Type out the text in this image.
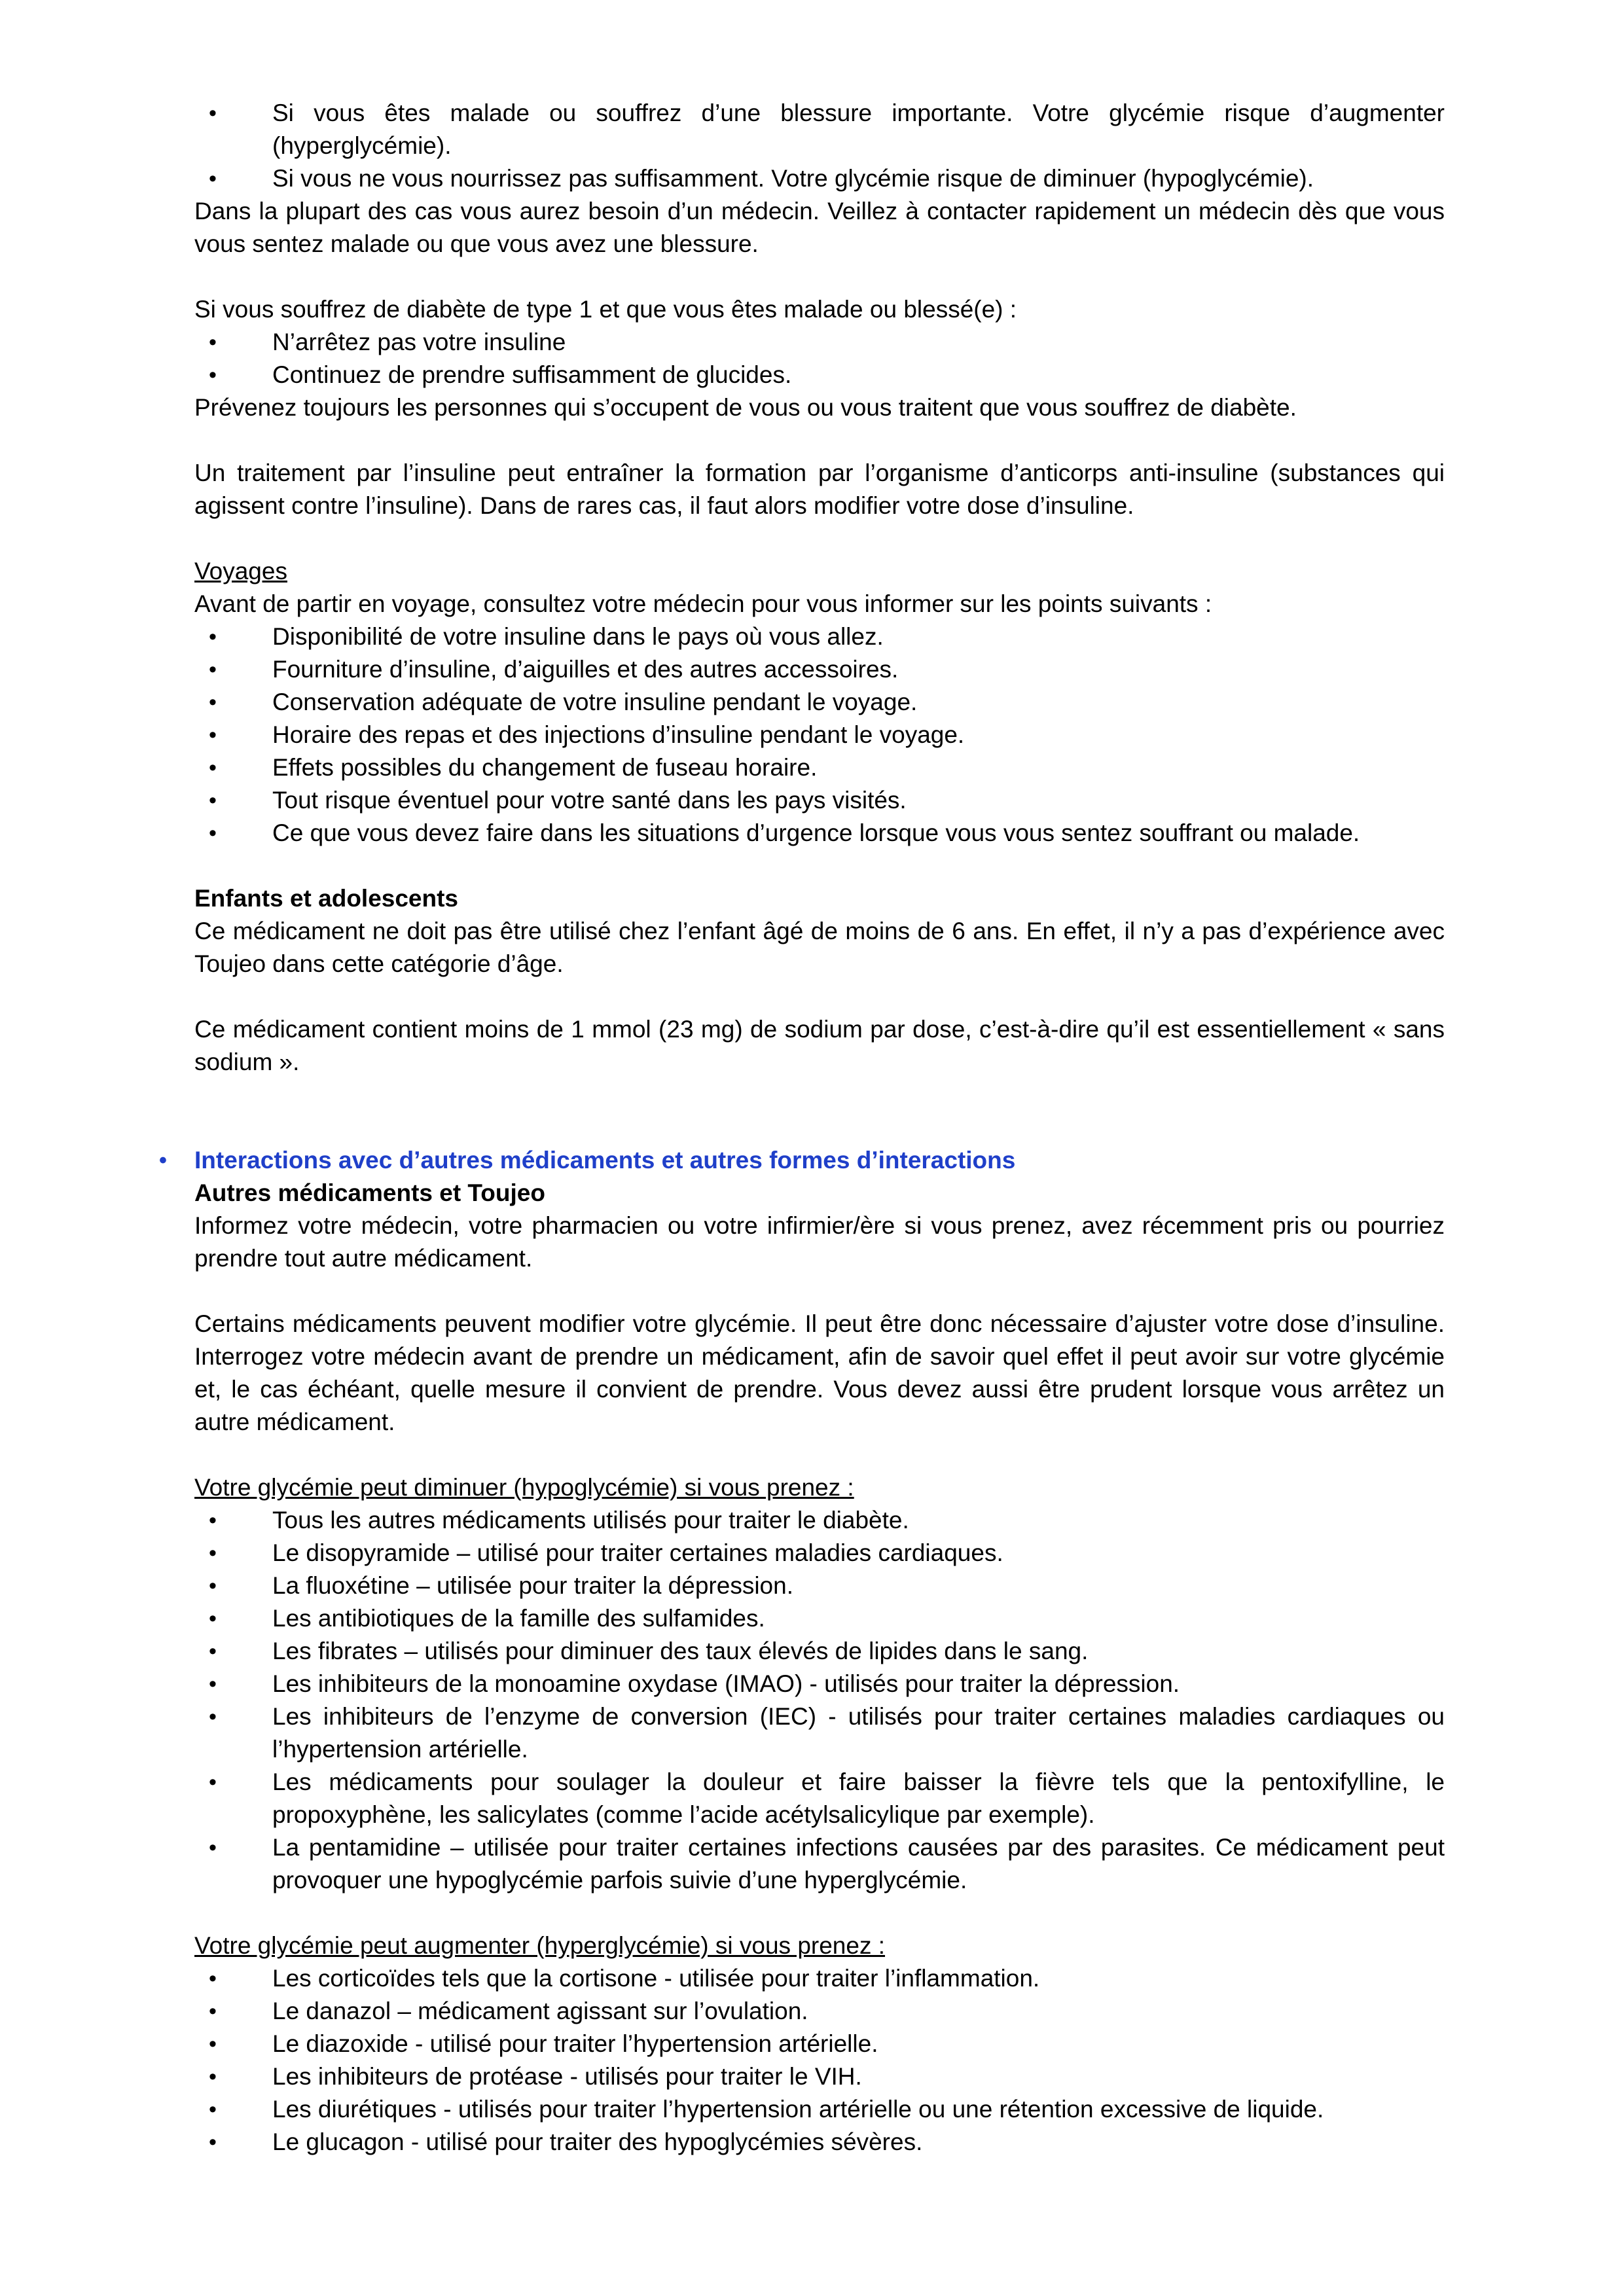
• Si vous êtes malade ou souffrez d’une blessure importante. Votre glycémie risque d’augmenter (hyperglycémie).
• Si vous ne vous nourrissez pas suffisamment. Votre glycémie risque de diminuer (hypoglycémie).

Dans la plupart des cas vous aurez besoin d’un médecin. Veillez à contacter rapidement un médecin dès que vous vous sentez malade ou que vous avez une blessure.

Si vous souffrez de diabète de type 1 et que vous êtes malade ou blessé(e) :

• N’arrêtez pas votre insuline
• Continuez de prendre suffisamment de glucides.

Prévenez toujours les personnes qui s’occupent de vous ou vous traitent que vous souffrez de diabète.

Un traitement par l’insuline peut entraîner la formation par l’organisme d’anticorps anti-insuline (substances qui agissent contre l’insuline). Dans de rares cas, il faut alors modifier votre dose d’insuline.

Voyages

Avant de partir en voyage, consultez votre médecin pour vous informer sur les points suivants :

• Disponibilité de votre insuline dans le pays où vous allez.
• Fourniture d’insuline, d’aiguilles et des autres accessoires.
• Conservation adéquate de votre insuline pendant le voyage.
• Horaire des repas et des injections d’insuline pendant le voyage.
• Effets possibles du changement de fuseau horaire.
• Tout risque éventuel pour votre santé dans les pays visités.
• Ce que vous devez faire dans les situations d’urgence lorsque vous vous sentez souffrant ou malade.

Enfants et adolescents

Ce médicament ne doit pas être utilisé chez l’enfant âgé de moins de 6 ans. En effet, il n’y a pas d’expérience avec Toujeo dans cette catégorie d’âge.

Ce médicament contient moins de 1 mmol (23 mg) de sodium par dose, c’est-à-dire qu’il est essentiellement « sans sodium ».

• Interactions avec d’autres médicaments et autres formes d’interactions

Autres médicaments et Toujeo

Informez votre médecin, votre pharmacien ou votre infirmier/ère si vous prenez, avez récemment pris ou pourriez prendre tout autre médicament.

Certains médicaments peuvent modifier votre glycémie. Il peut être donc nécessaire d’ajuster votre dose d’insuline. Interrogez votre médecin avant de prendre un médicament, afin de savoir quel effet il peut avoir sur votre glycémie et, le cas échéant, quelle mesure il convient de prendre. Vous devez aussi être prudent lorsque vous arrêtez un autre médicament.

Votre glycémie peut diminuer (hypoglycémie) si vous prenez :

• Tous les autres médicaments utilisés pour traiter le diabète.
• Le disopyramide – utilisé pour traiter certaines maladies cardiaques.
• La fluoxétine – utilisée pour traiter la dépression.
• Les antibiotiques de la famille des sulfamides.
• Les fibrates – utilisés pour diminuer des taux élevés de lipides dans le sang.
• Les inhibiteurs de la monoamine oxydase (IMAO) - utilisés pour traiter la dépression.
• Les inhibiteurs de l’enzyme de conversion (IEC) - utilisés pour traiter certaines maladies cardiaques ou l’hypertension artérielle.
• Les médicaments pour soulager la douleur et faire baisser la fièvre tels que la pentoxifylline, le propoxyphène, les salicylates (comme l’acide acétylsalicylique par exemple).
• La pentamidine – utilisée pour traiter certaines infections causées par des parasites. Ce médicament peut provoquer une hypoglycémie parfois suivie d’une hyperglycémie.

Votre glycémie peut augmenter (hyperglycémie) si vous prenez :

• Les corticoïdes tels que la cortisone - utilisée pour traiter l’inflammation.
• Le danazol – médicament agissant sur l’ovulation.
• Le diazoxide - utilisé pour traiter l’hypertension artérielle.
• Les inhibiteurs de protéase - utilisés pour traiter le VIH.
• Les diurétiques - utilisés pour traiter l’hypertension artérielle ou une rétention excessive de liquide.
• Le glucagon - utilisé pour traiter des hypoglycémies sévères.
